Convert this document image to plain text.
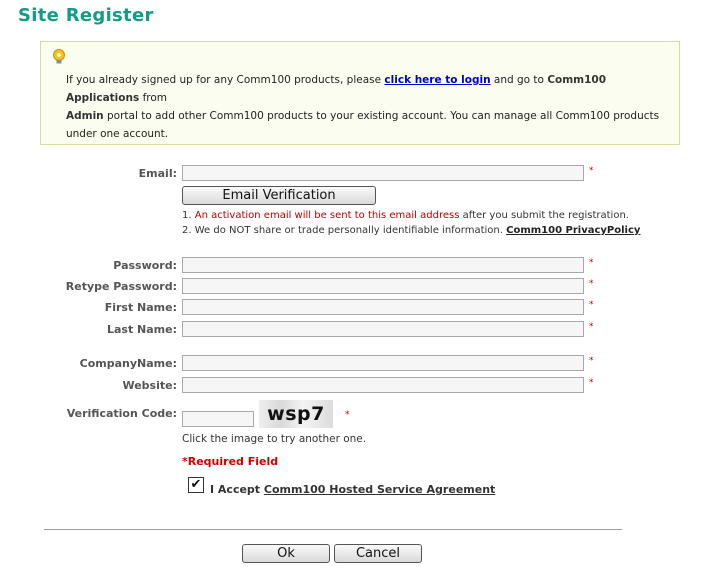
Site Register
If you already signed up for any Comm100 products, please click here to login and go to Comm100 Applications from
Admin portal to add other Comm100 products to your existing account. You can manage all Comm100 products under one account.
Email:	*
Email Verification
1. An activation email will be sent to this email address after you submit the registration.
2. We do NOT share or trade personally identifiable information. Comm100 PrivacyPolicy
Password:	*
Retype Password:	*
First Name:	*
Last Name:	*
CompanyName:	*
Website:	*
Verification Code:	wsp7	*
Click the image to try another one.
*Required Field
✔ I Accept Comm100 Hosted Service Agreement
Ok	Cancel
